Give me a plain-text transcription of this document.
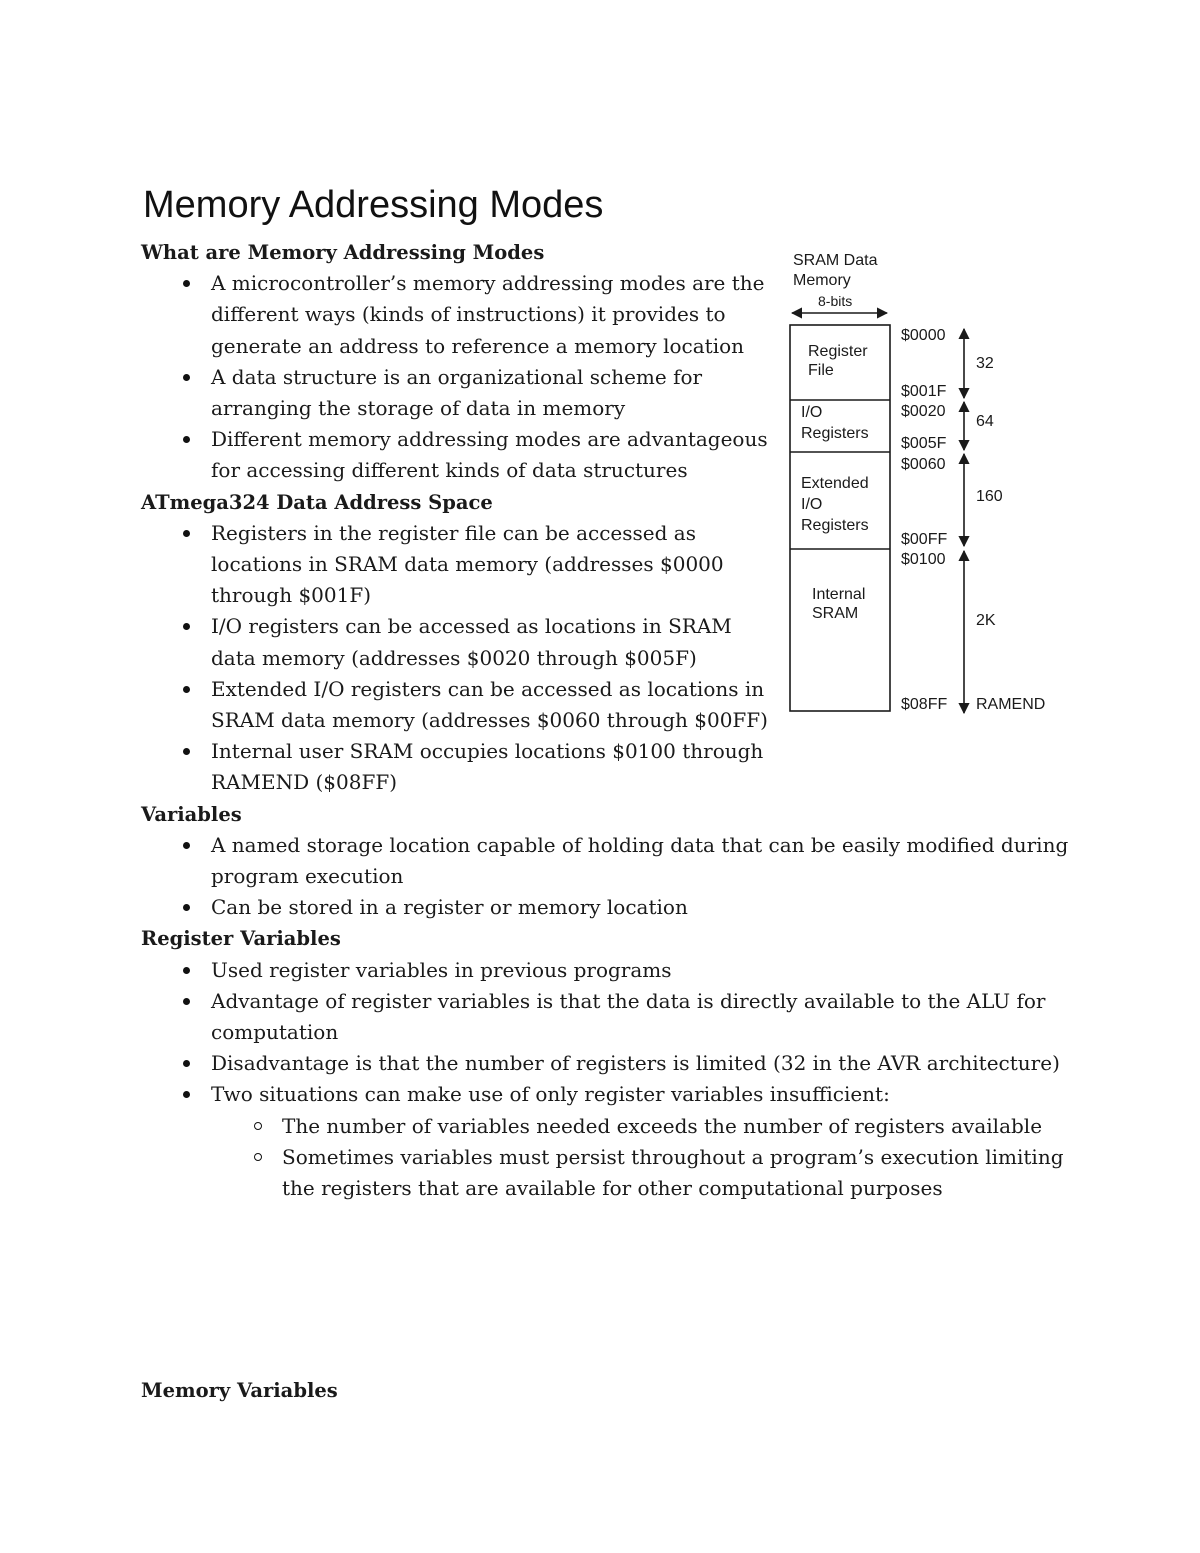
Memory Addressing Modes

What are Memory Addressing Modes

A microcontroller’s memory addressing modes are the different ways (kinds of instructions) it provides to generate an address to reference a memory location
A data structure is an organizational scheme for arranging the storage of data in memory
Different memory addressing modes are advantageous for accessing different kinds of data structures

ATmega324 Data Address Space

Registers in the register file can be accessed as locations in SRAM data memory (addresses $0000 through $001F)
I/O registers can be accessed as locations in SRAM data memory (addresses $0020 through $005F)
Extended I/O registers can be accessed as locations in SRAM data memory (addresses $0060 through $00FF)
Internal user SRAM occupies locations $0100 through RAMEND ($08FF)

Variables

A named storage location capable of holding data that can be easily modified during program execution
Can be stored in a register or memory location

Register Variables

Used register variables in previous programs
Advantage of register variables is that the data is directly available to the ALU for computation
Disadvantage is that the number of registers is limited (32 in the AVR architecture)
Two situations can make use of only register variables insufficient:
The number of variables needed exceeds the number of registers available
Sometimes variables must persist throughout a program’s execution limiting the registers that are available for other computational purposes

Memory Variables

SRAM Data
Memory
8-bits
Register
File
I/O
Registers
Extended
I/O
Registers
Internal
SRAM
$0000
$001F
$0020
$005F
$0060
$00FF
$0100
$08FF
32
64
160
2K
RAMEND
